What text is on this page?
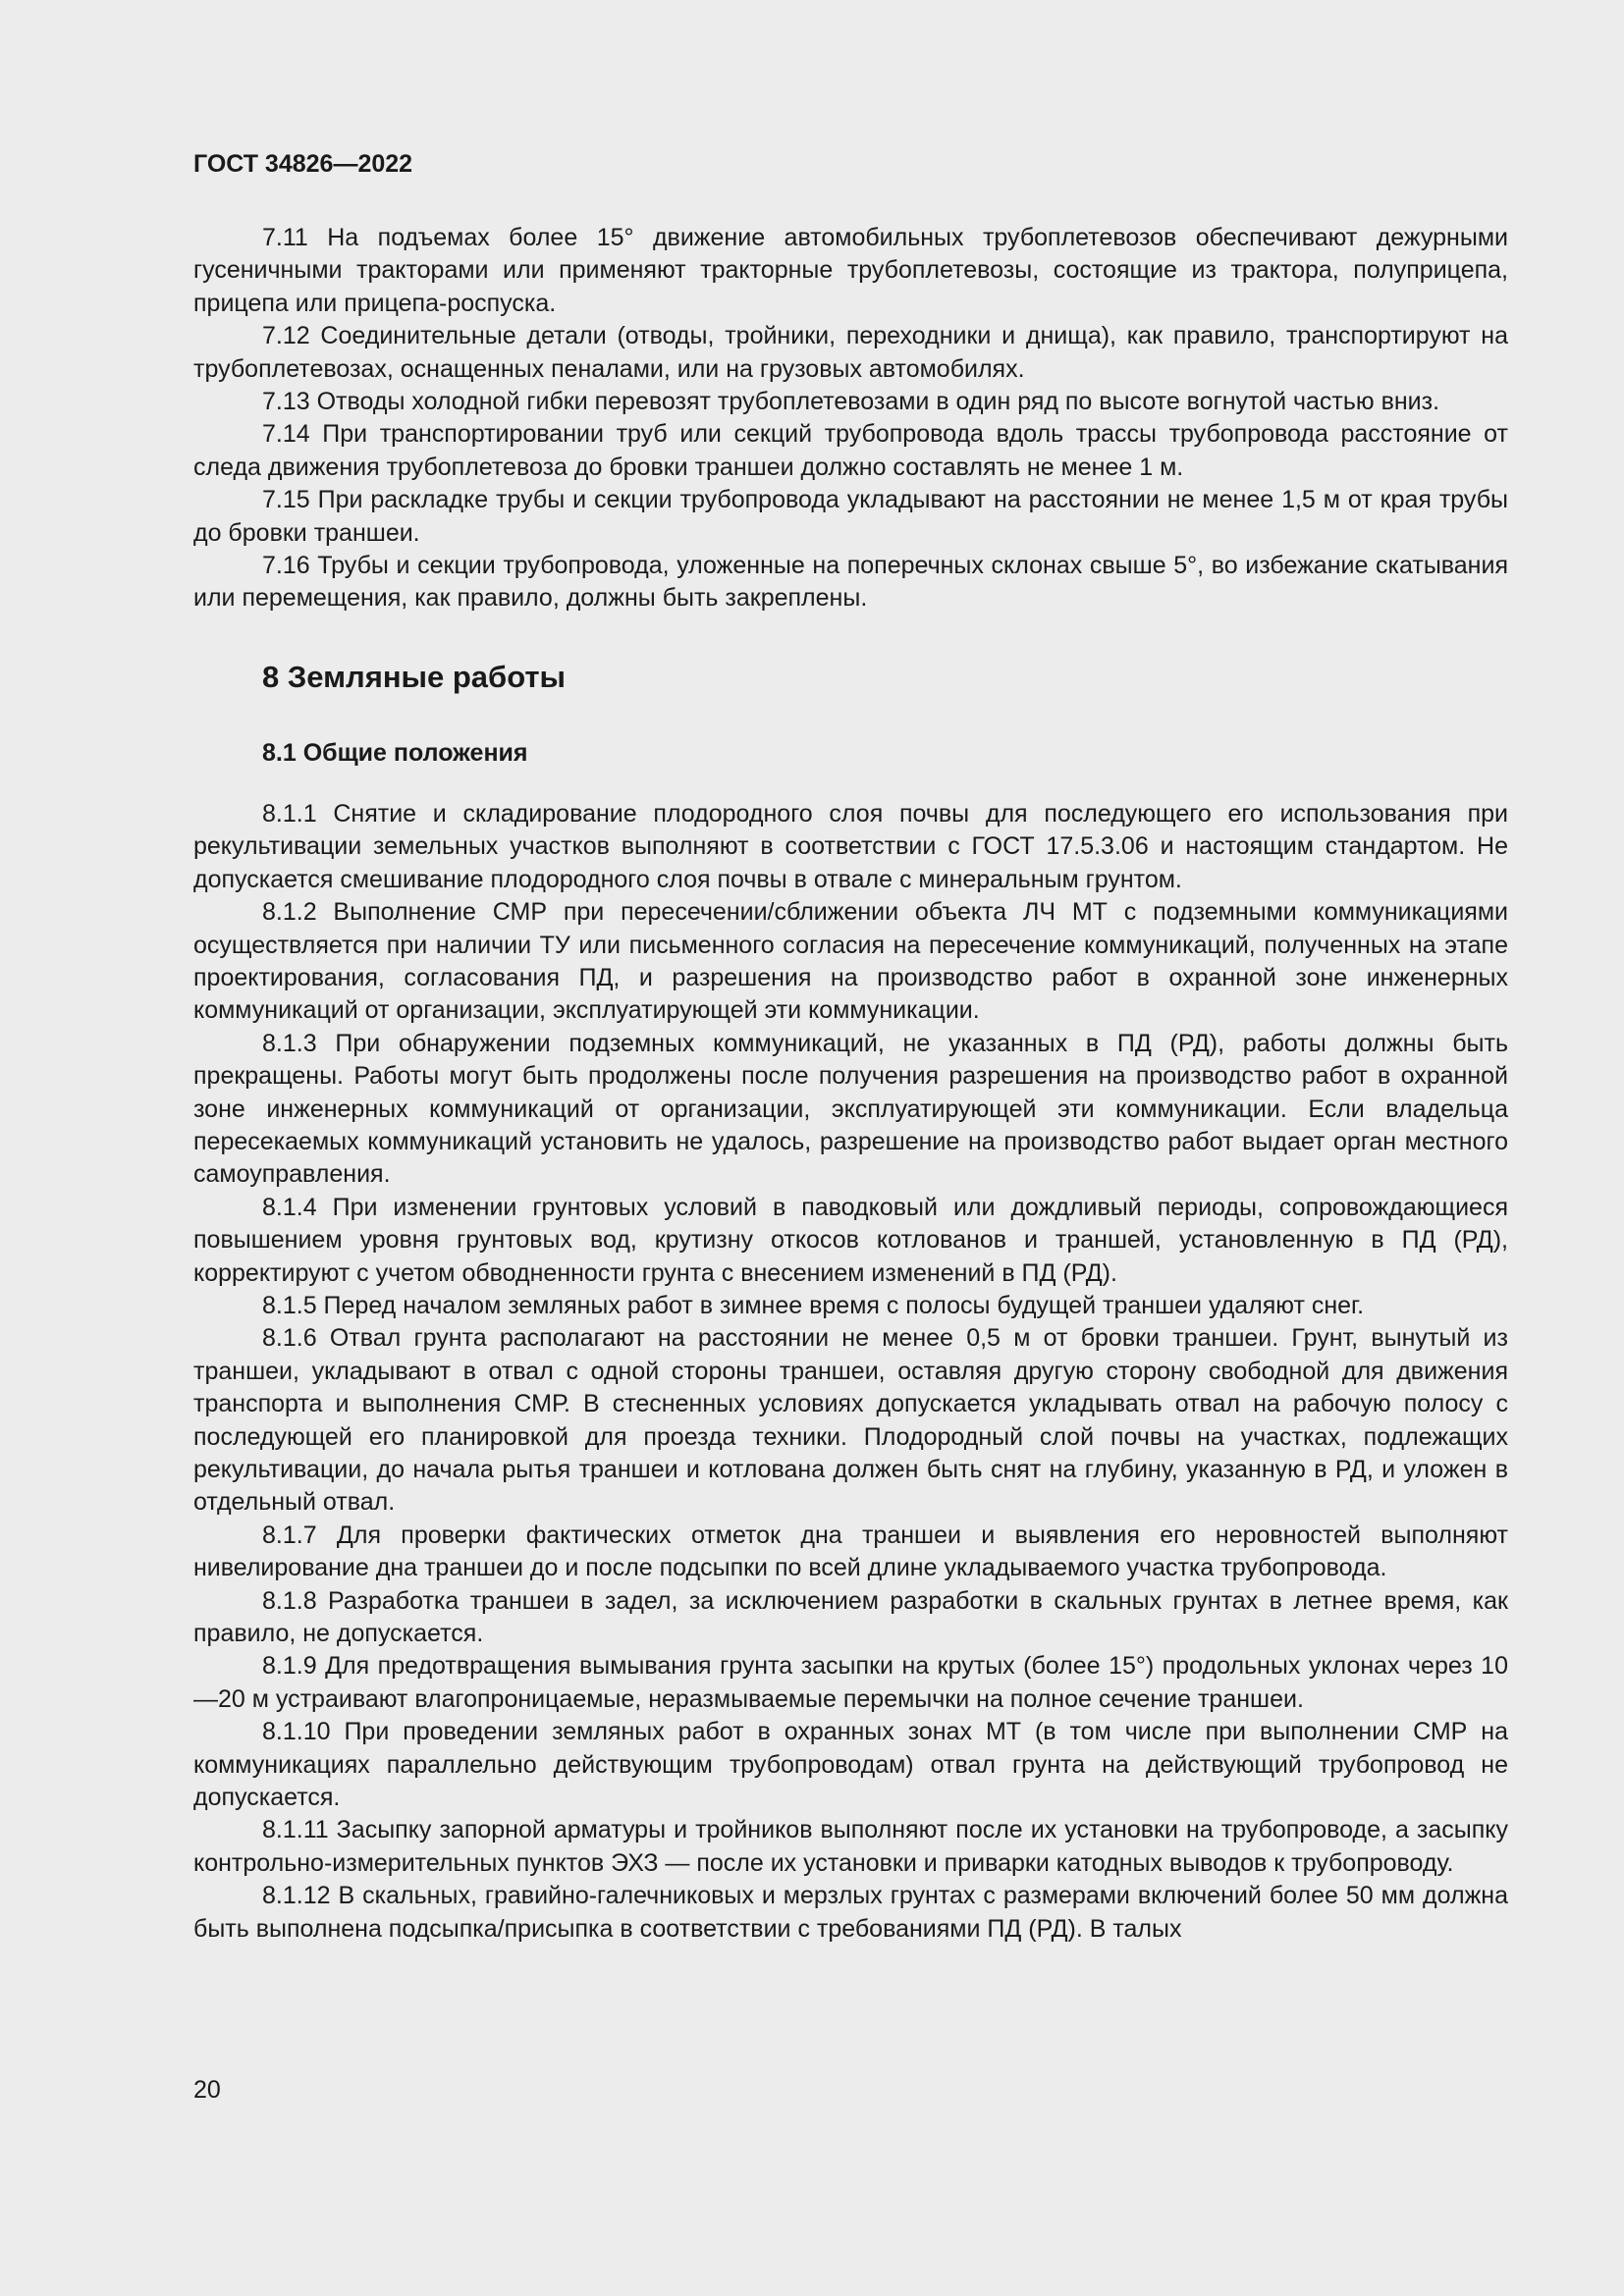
ГОСТ 34826—2022

7.11 На подъемах более 15° движение автомобильных трубоплетевозов обеспечивают дежурными гусеничными тракторами или применяют тракторные трубоплетевозы, состоящие из трактора, полуприцепа, прицепа или прицепа-роспуска.

7.12 Соединительные детали (отводы, тройники, переходники и днища), как правило, транспортируют на трубоплетевозах, оснащенных пеналами, или на грузовых автомобилях.

7.13 Отводы холодной гибки перевозят трубоплетевозами в один ряд по высоте вогнутой частью вниз.

7.14 При транспортировании труб или секций трубопровода вдоль трассы трубопровода расстояние от следа движения трубоплетевоза до бровки траншеи должно составлять не менее 1 м.

7.15 При раскладке трубы и секции трубопровода укладывают на расстоянии не менее 1,5 м от края трубы до бровки траншеи.

7.16 Трубы и секции трубопровода, уложенные на поперечных склонах свыше 5°, во избежание скатывания или перемещения, как правило, должны быть закреплены.

8 Земляные работы
8.1 Общие положения

8.1.1 Снятие и складирование плодородного слоя почвы для последующего его использования при рекультивации земельных участков выполняют в соответствии с ГОСТ 17.5.3.06 и настоящим стандартом. Не допускается смешивание плодородного слоя почвы в отвале с минеральным грунтом.

8.1.2 Выполнение СМР при пересечении/сближении объекта ЛЧ МТ с подземными коммуникациями осуществляется при наличии ТУ или письменного согласия на пересечение коммуникаций, полученных на этапе проектирования, согласования ПД, и разрешения на производство работ в охранной зоне инженерных коммуникаций от организации, эксплуатирующей эти коммуникации.

8.1.3 При обнаружении подземных коммуникаций, не указанных в ПД (РД), работы должны быть прекращены. Работы могут быть продолжены после получения разрешения на производство работ в охранной зоне инженерных коммуникаций от организации, эксплуатирующей эти коммуникации. Если владельца пересекаемых коммуникаций установить не удалось, разрешение на производство работ выдает орган местного самоуправления.

8.1.4 При изменении грунтовых условий в паводковый или дождливый периоды, сопровождающиеся повышением уровня грунтовых вод, крутизну откосов котлованов и траншей, установленную в ПД (РД), корректируют с учетом обводненности грунта с внесением изменений в ПД (РД).

8.1.5 Перед началом земляных работ в зимнее время с полосы будущей траншеи удаляют снег.

8.1.6 Отвал грунта располагают на расстоянии не менее 0,5 м от бровки траншеи. Грунт, вынутый из траншеи, укладывают в отвал с одной стороны траншеи, оставляя другую сторону свободной для движения транспорта и выполнения СМР. В стесненных условиях допускается укладывать отвал на рабочую полосу с последующей его планировкой для проезда техники. Плодородный слой почвы на участках, подлежащих рекультивации, до начала рытья траншеи и котлована должен быть снят на глубину, указанную в РД, и уложен в отдельный отвал.

8.1.7 Для проверки фактических отметок дна траншеи и выявления его неровностей выполняют нивелирование дна траншеи до и после подсыпки по всей длине укладываемого участка трубопровода.

8.1.8 Разработка траншеи в задел, за исключением разработки в скальных грунтах в летнее время, как правило, не допускается.

8.1.9 Для предотвращения вымывания грунта засыпки на крутых (более 15°) продольных уклонах через 10—20 м устраивают влагопроницаемые, неразмываемые перемычки на полное сечение траншеи.

8.1.10 При проведении земляных работ в охранных зонах МТ (в том числе при выполнении СМР на коммуникациях параллельно действующим трубопроводам) отвал грунта на действующий трубопровод не допускается.

8.1.11 Засыпку запорной арматуры и тройников выполняют после их установки на трубопроводе, а засыпку контрольно-измерительных пунктов ЭХЗ — после их установки и приварки катодных выводов к трубопроводу.

8.1.12 В скальных, гравийно-галечниковых и мерзлых грунтах с размерами включений более 50 мм должна быть выполнена подсыпка/присыпка в соответствии с требованиями ПД (РД). В талых

20
